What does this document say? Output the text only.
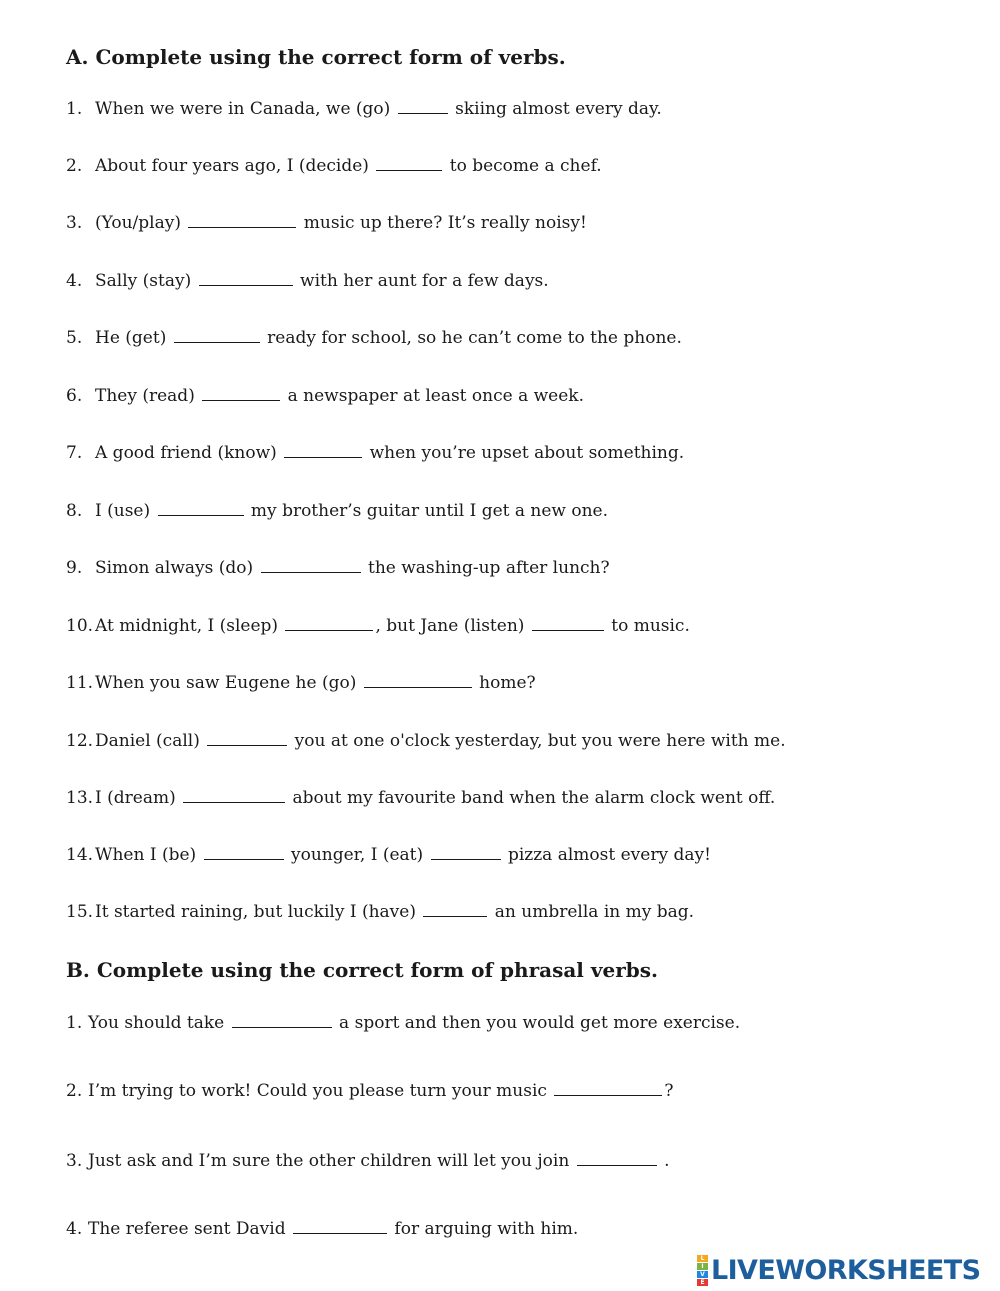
A. Complete using the correct form of verbs.
1. When we were in Canada, we (go)	skiing almost every day.
2. About four years ago, I (decide)	to become a chef.
3. (You/play)	music up there? It’s really noisy!
4. Sally (stay)	with her aunt for a few days.
5. He (get)	ready for school, so he can’t come to the phone.
6. They (read)	a newspaper at least once a week.
7. A good friend (know)	when you’re upset about something.
8. I (use)	my brother’s guitar until I get a new one.
9. Simon always (do)	the washing-up after lunch?
10. At midnight, I (sleep)	, but Jane (listen)	to music.
11. When you saw Eugene he (go)	home?
12. Daniel (call)	you at one o'clock yesterday, but you were here with me.
13. I (dream)	about my favourite band when the alarm clock went off.
14. When I (be)	younger, I (eat)	pizza almost every day!
15. It started raining, but luckily I (have)	an umbrella in my bag.
B. Complete using the correct form of phrasal verbs.
1. You should take	a sport and then you would get more exercise.
2. I’m trying to work! Could you please turn your music	?
3. Just ask and I’m sure the other children will let you join	.
4. The referee sent David	for arguing with him.
L
I
V
E LIVEWORKSHEETS
